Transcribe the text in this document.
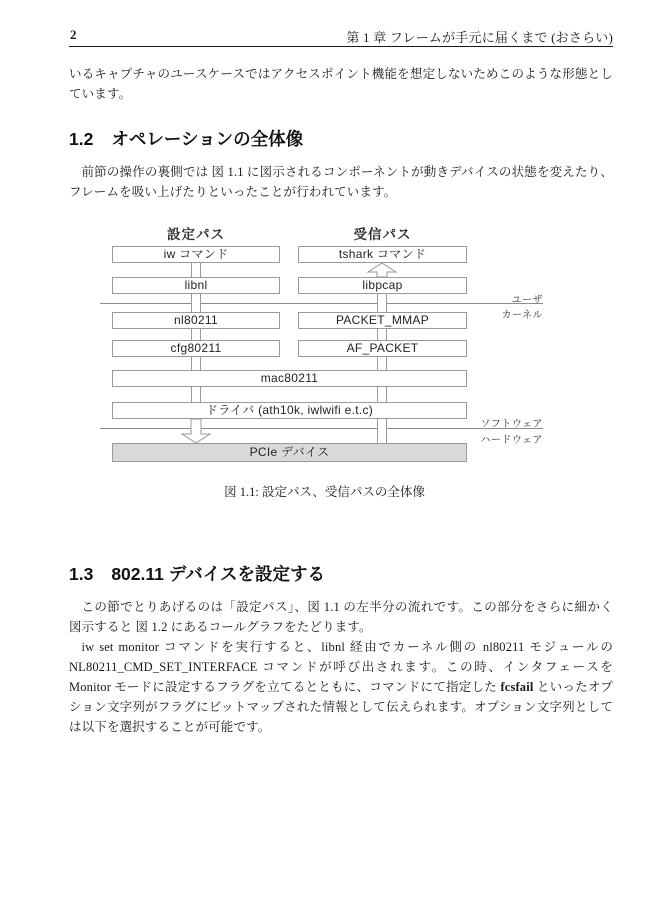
2	第 1 章 フレームが手元に届くまで (おさらい)
いるキャプチャのユースケースではアクセスポイント機能を想定しないためこのような形態としています。
1.2 オペレーションの全体像
前節の操作の裏側では 図 1.1 に図示されるコンポーネントが動きデバイスの状態を変えたり、フレームを吸い上げたりといったことが行われています。
設定パス	受信パス
ユーザ
カーネル
ソフトウェア
ハードウェア
iw コマンド
libnl
nl80211
cfg80211
tshark コマンド
libpcap
PACKET_MMAP
AF_PACKET
mac80211
ドライバ (ath10k, iwlwifi e.t.c)
PCIe デバイス
図 1.1: 設定パス、受信パスの全体像
1.3 802.11 デバイスを設定する
この節でとりあげるのは「設定パス」、図 1.1 の左半分の流れです。この部分をさらに細かく図示すると 図 1.2 にあるコールグラフをたどります。
iw set monitor コマンドを実行すると、libnl 経由でカーネル側の nl80211 モジュールの NL80211_CMD_SET_INTERFACE コマンドが呼び出されます。この時、インタフェースを Monitor モードに設定するフラグを立てるとともに、コマンドにて指定した fcsfail といったオプション文字列がフラグにビットマップされた情報として伝えられます。オプション文字列としては以下を選択することが可能です。
